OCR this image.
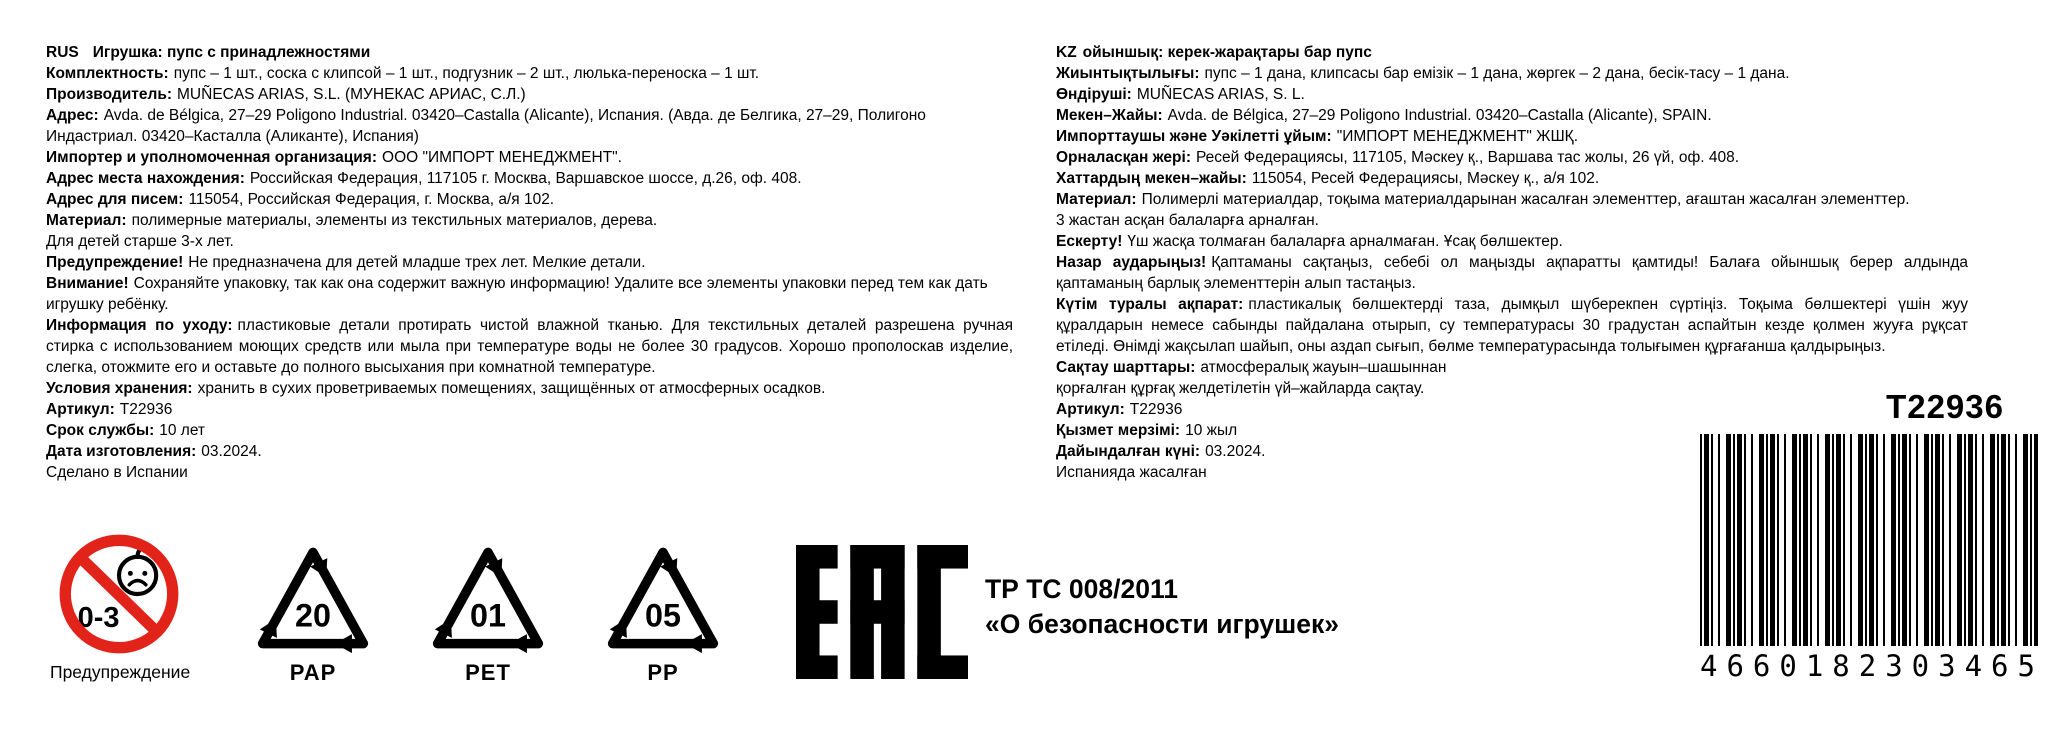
RUS Игрушка: пупс с принадлежностями

Комплектность: пупс – 1 шт., соска с клипсой – 1 шт., подгузник – 2 шт., люлька-переноска – 1 шт.

Производитель: MUÑECAS ARIAS, S.L. (МУНЕКАС АРИАС, С.Л.)

Адрес: Avda. de Bélgica, 27–29 Poligono Industrial. 03420–Castalla (Alicante), Испания. (Авда. де Белгика, 27–29, Полигоно Индастриал. 03420–Касталла (Аликанте), Испания)

Импортер и уполномоченная организация: ООО "ИМПОРТ МЕНЕДЖМЕНТ".

Адрес места нахождения: Российская Федерация, 117105 г. Москва, Варшавское шоссе, д.26, оф. 408.

Адрес для писем: 115054, Российская Федерация, г. Москва, а/я 102.

Материал: полимерные материалы, элементы из текстильных материалов, дерева.

Для детей старше 3-х лет.

Предупреждение! Не предназначена для детей младше трех лет. Мелкие детали.

Внимание! Сохраняйте упаковку, так как она содержит важную информацию! Удалите все элементы упаковки перед тем как дать игрушку ребёнку.

Информация по уходу: пластиковые детали протирать чистой влажной тканью. Для текстильных деталей разрешена ручная стирка с использованием моющих средств или мыла при температуре воды не более 30 градусов. Хорошо прополоскав изделие, слегка, отожмите его и оставьте до полного высыхания при комнатной температуре.

Условия хранения: хранить в сухих проветриваемых помещениях, защищённых от атмосферных осадков.

Артикул: T22936

Срок службы: 10 лет

Дата изготовления: 03.2024.

Сделано в Испании

KZ ойыншық: керек-жарақтары бар пупс

Жиынтықтылығы: пупс – 1 дана, клипсасы бар емізік – 1 дана, жөргек – 2 дана, бесік-тасу – 1 дана.

Өндіруші: MUÑECAS ARIAS, S. L.

Мекен–Жайы: Avda. de Bélgica, 27–29 Poligono Industrial. 03420–Castalla (Alicante), SPAIN.

Импорттаушы және Уәкілетті ұйым: "ИМПОРТ МЕНЕДЖМЕНТ" ЖШҚ.

Орналасқан жері: Ресей Федерациясы, 117105, Мәскеу қ., Варшава тас жолы, 26 үй, оф. 408.

Хаттардың мекен–жайы: 115054, Ресей Федерациясы, Мәскеу қ., а/я 102.

Материал: Полимерлі материалдар, тоқыма материалдарынан жасалған элементтер, ағаштан жасалған элементтер.

3 жастан асқан балаларға арналған.

Ескерту! Үш жасқа толмаған балаларға арналмаған. Ұсақ бөлшектер.

Назар аударыңыз! Қаптаманы сақтаңыз, себебі ол маңызды ақпаратты қамтиды! Балаға ойыншық берер алдында қаптаманың барлық элементтерін алып тастаңыз.

Күтім туралы ақпарат: пластикалық бөлшектерді таза, дымқыл шүберекпен сүртіңіз. Тоқыма бөлшектері үшін жуу құралдарын немесе сабынды пайдалана отырып, су температурасы 30 градустан аспайтын кезде қолмен жууға рұқсат етіледі. Өнімді жақсылап шайып, оны аздап сығып, бөлме температурасында толығымен құрғағанша қалдырыңыз.

Сақтау шарттары: атмосфералық жауын–шашыннан

қорғалған құрғақ желдетілетін үй–жайларда сақтау.

Артикул: T22936

Қызмет мерзімі: 10 жыл

Дайындалған күні: 03.2024.

Испанияда жасалған

0-3
Предупреждение
20
PAP
01
PET
05
PP
ТР ТС 008/2011
«О безопасности игрушек»
T22936
4660182303465
